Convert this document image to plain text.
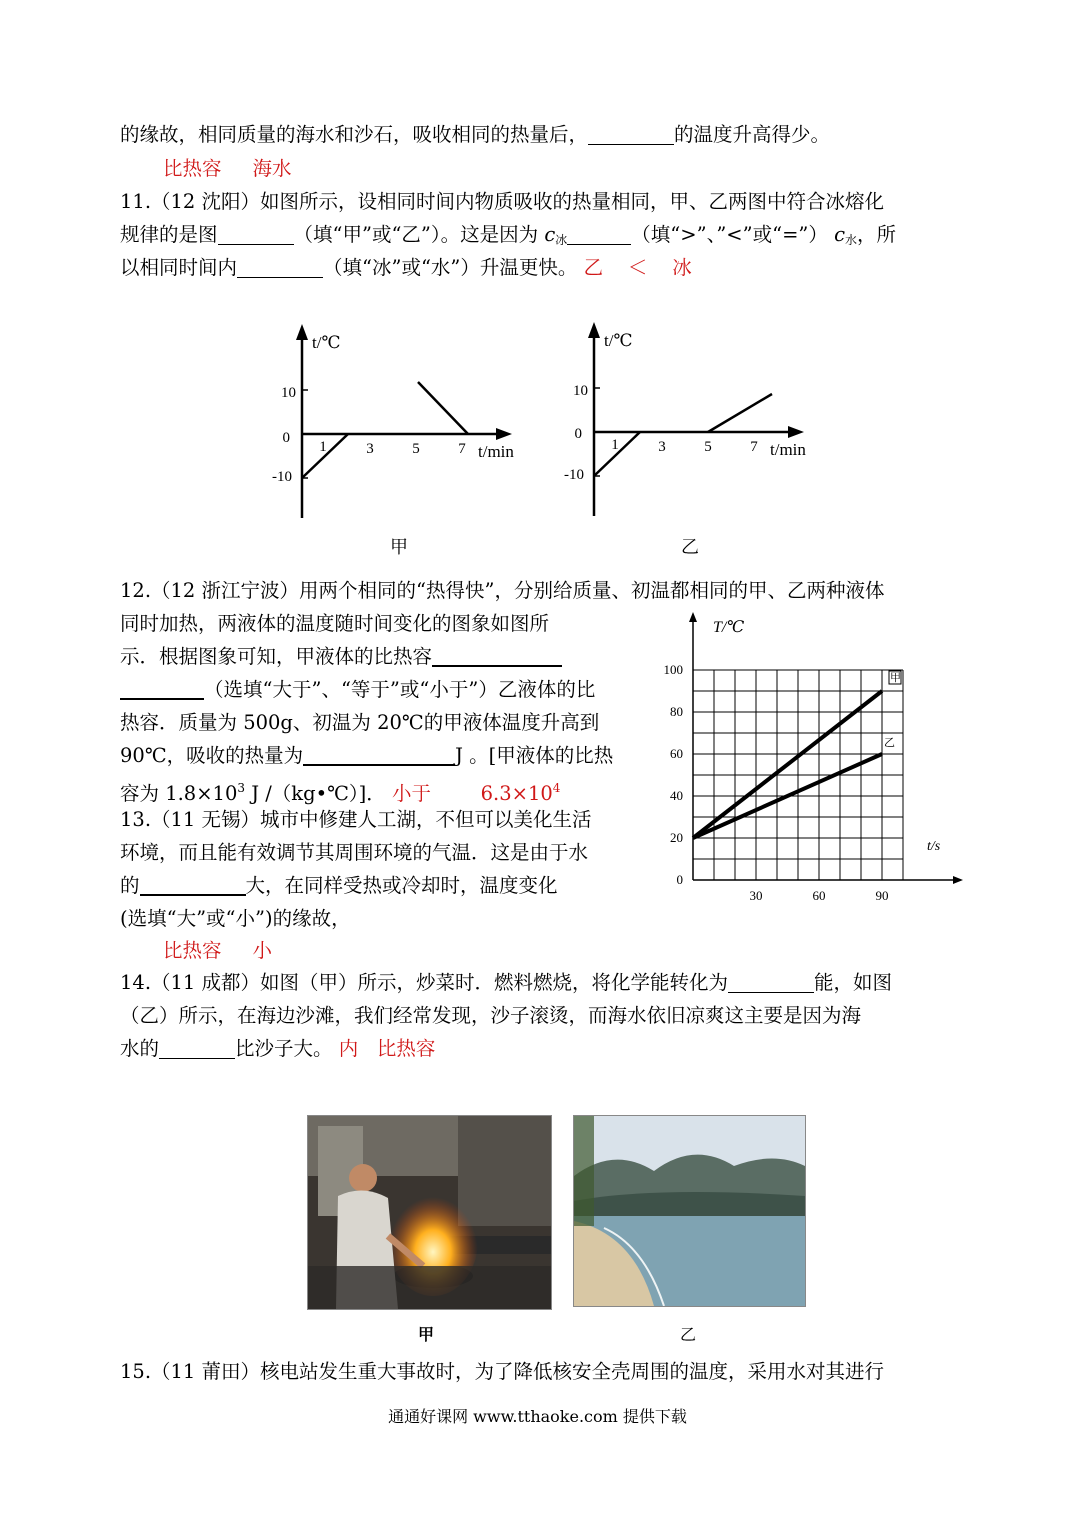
的缘故，相同质量的海水和沙石，吸收相同的热量后，	的温度升高得少。
比热容 海水
11.（12 沈阳）如图所示，设相同时间内物质吸收的热量相同，甲、乙两图中符合冰熔化
规律的是图	（填“甲”或“乙”）。这是因为 $c_冰$	（填“>”、”<”或“=”） $c_水$，所
以相同时间内	（填“冰”或“水”）升温更快。 乙 ＜ 冰
t/℃
t/min
10
0
-10
1	3	5	7
t/℃
t/min
10
0
-10
1	3	5	7
甲	乙
12.（12 浙江宁波）用两个相同的“热得快”，分别给质量、初温都相同的甲、乙两种液体
同时加热，两液体的温度随时间变化的图象如图所
示．根据图象可知，甲液体的比热容
（选填“大于”、“等于”或“小于”）乙液体的比
热容．质量为 500g、初温为 20℃的甲液体温度升高到
90℃，吸收的热量为	J 。[甲液体的比热
容为 $1.8\times 10^3$ J /（kg•℃）]． 小于	$6.3\times 10^4$
T/℃
t/s
0
20
40
60
80
100
30	60	90
甲
乙
13.（11 无锡）城市中修建人工湖，不但可以美化生活
环境，而且能有效调节其周围环境的气温．这是由于水
的	大，在同样受热或冷却时，温度变化
(选填“大”或“小”)的缘故，
比热容 小
14.（11 成都）如图（甲）所示，炒菜时．燃料燃烧，将化学能转化为	能，如图
（乙）所示，在海边沙滩，我们经常发现，沙子滚烫，而海水依旧凉爽这主要是因为海
水的	比沙子大。 内 比热容
甲	乙
15.（11 莆田）核电站发生重大事故时，为了降低核安全壳周围的温度，采用水对其进行
通通好课网 www.tthaoke.com 提供下载
